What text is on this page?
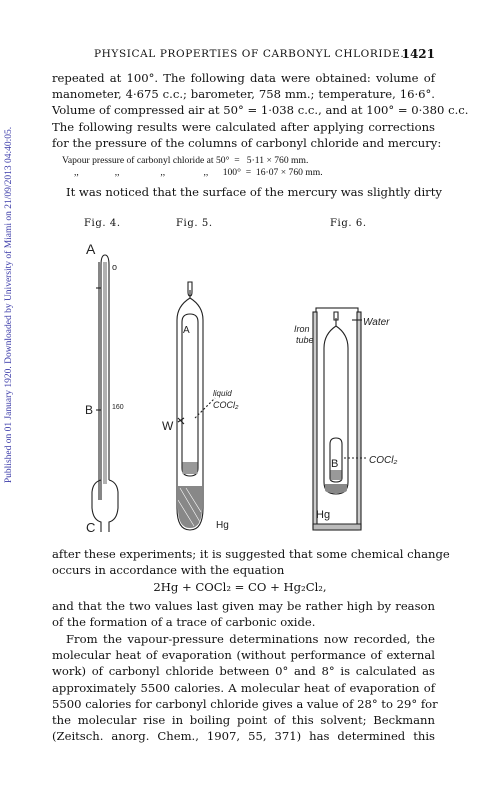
Published on 01 January 1920. Downloaded by University of Miami on 21/09/2013 04:40:05.
PHYSICAL PROPERTIES OF CARBONYL CHLORIDE.
1421
repeated at 100°. The following data were obtained: volume of
manometer, 4·675 c.c.; barometer, 758 mm.; temperature, 16·6°.
Volume of compressed air at 50° = 1·038 c.c., and at 100° = 0·380 c.c.
The following results were calculated after applying corrections
for the pressure of the columns of carbonyl chloride and mercury:
Vapour pressure of carbonyl chloride at 50°  =   5·11 × 760 mm.
,,               ,,                 ,,                ,,      100°  =  16·07 × 760 mm.
It was noticed that the surface of the mercury was slightly dirty
Fig. 4.	Fig. 5.	Fig. 6.
A
o
B	160
C
A
W
liquid
COCl₂
Hg
Iron
tube
Water
B	COCl₂
Hg
after these experiments; it is suggested that some chemical change
occurs in accordance with the equation
2Hg + COCl₂ = CO + Hg₂Cl₂,
and that the two values last given may be rather high by reason
of the formation of a trace of carbonic oxide.
From the vapour-pressure determinations now recorded, the
molecular heat of evaporation (without performance of external
work) of carbonyl chloride between 0° and 8° is calculated as
approximately 5500 calories. A molecular heat of evaporation of
5500 calories for carbonyl chloride gives a value of 28° to 29° for
the molecular rise in boiling point of this solvent; Beckmann
(Zeitsch. anorg. Chem., 1907, 55, 371) has determined this
